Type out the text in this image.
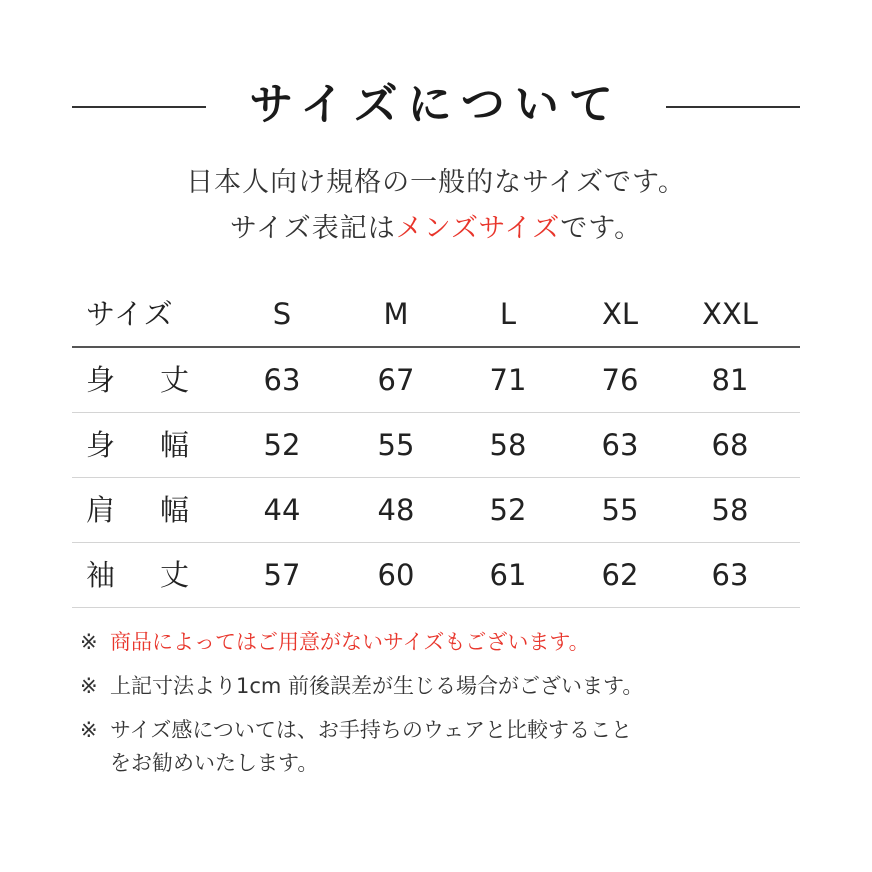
サイズについて
日本人向け規格の一般的なサイズです。
サイズ表記はメンズサイズです。
サイズ	S	M	L	XL	XXL
身 丈	63	67	71	76	81
身 幅	52	55	58	63	68
肩 幅	44	48	52	55	58
袖 丈	57	60	61	62	63
※ 商品によってはご用意がないサイズもございます。
※ 上記寸法より1cm 前後誤差が生じる場合がございます。
※ サイズ感については、お手持ちのウェアと比較すること
をお勧めいたします。
